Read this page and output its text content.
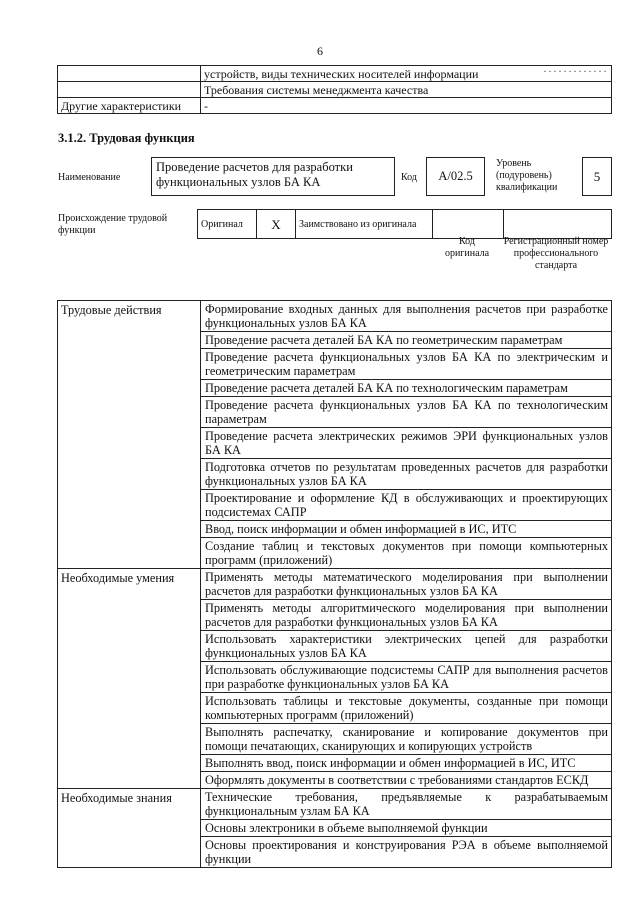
6
	устройств, виды технических носителей информации ·············

	Требования системы менеджмента качества
Другие характеристики	-
3.1.2. Трудовая функция
Наименование
Проведение расчетов для разработки функциональных узлов БА КА	Код	А/02.5
Уровень (подуровень) квалификации
5
Происхождение трудовой функции
Оригинал	X	Заимствовано из оригинала		
Код оригинала
Регистрационный номер профессионального стандарта
Трудовые действия	Формирование входных данных для выполнения расчетов при разработке функциональных узлов БА КА
	Проведение расчета деталей БА КА по геометрическим параметрам
	Проведение расчета функциональных узлов БА КА по электрическим и геометрическим параметрам
	Проведение расчета деталей БА КА по технологическим параметрам
	Проведение расчета функциональных узлов БА КА по технологическим параметрам
	Проведение расчета электрических режимов ЭРИ функциональных узлов БА КА
	Подготовка отчетов по результатам проведенных расчетов для разработки функциональных узлов БА КА
	Проектирование и оформление КД в обслуживающих и проектирующих подсистемах САПР
	Ввод, поиск информации и обмен информацией в ИС, ИТС
	Создание таблиц и текстовых документов при помощи компьютерных программ (приложений)
Необходимые умения	Применять методы математического моделирования при выполнении расчетов для разработки функциональных узлов БА КА
	Применять методы алгоритмического моделирования при выполнении расчетов для разработки функциональных узлов БА КА
	Использовать характеристики электрических цепей для разработки функциональных узлов БА КА
	Использовать обслуживающие подсистемы САПР для выполнения расчетов при разработке функциональных узлов БА КА
	Использовать таблицы и текстовые документы, созданные при помощи компьютерных программ (приложений)
	Выполнять распечатку, сканирование и копирование документов при помощи печатающих, сканирующих и копирующих устройств
	Выполнять ввод, поиск информации и обмен информацией в ИС, ИТС
	Оформлять документы в соответствии с требованиями стандартов ЕСКД
Необходимые знания	Технические требования, предъявляемые к разрабатываемым функциональным узлам БА КА
	Основы электроники в объеме выполняемой функции
	Основы проектирования и конструирования РЭА в объеме выполняемой функции
